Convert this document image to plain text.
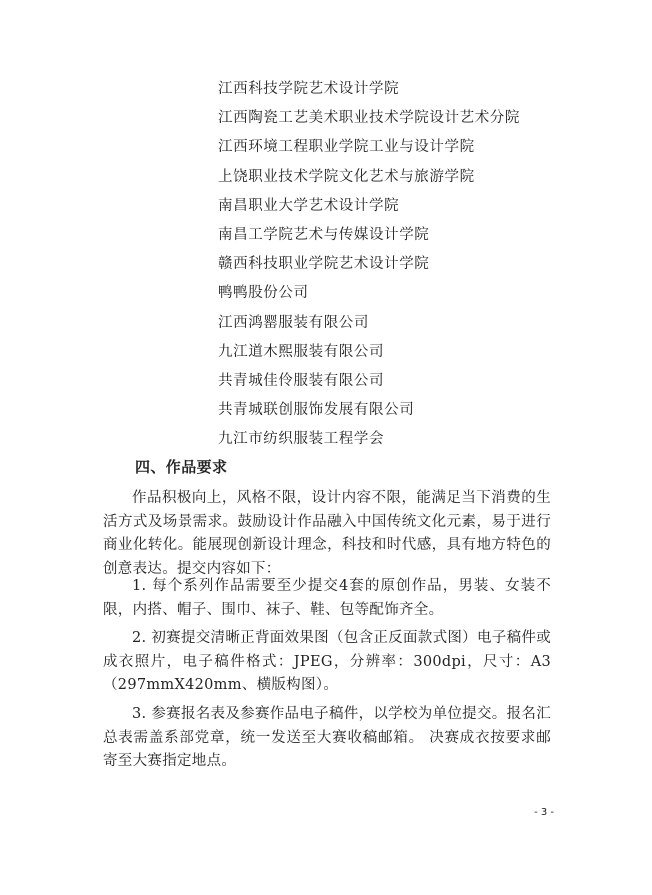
江西科技学院艺术设计学院
江西陶瓷工艺美术职业技术学院设计艺术分院
江西环境工程职业学院工业与设计学院
上饶职业技术学院文化艺术与旅游学院
南昌职业大学艺术设计学院
南昌工学院艺术与传媒设计学院
赣西科技职业学院艺术设计学院
鸭鸭股份公司
江西鸿罂服装有限公司
九江道木熙服装有限公司
共青城佳伶服装有限公司
共青城联创服饰发展有限公司
九江市纺织服装工程学会
四、作品要求

作品积极向上，风格不限，设计内容不限，能满足当下消费的生活方式及场景需求。鼓励设计作品融入中国传统文化元素，易于进行商业化转化。能展现创新设计理念，科技和时代感，具有地方特色的创意表达。提交内容如下：

1. 每个系列作品需要至少提交4套的原创作品，男装、女装不限，内搭、帽子、围巾、袜子、鞋、包等配饰齐全。

2. 初赛提交清晰正背面效果图（包含正反面款式图）电子稿件或成衣照片，电子稿件格式：JPEG，分辨率：300dpi，尺寸：A3（297mmX420mm、横版构图）。

3. 参赛报名表及参赛作品电子稿件，以学校为单位提交。报名汇总表需盖系部党章，统一发送至大赛收稿邮箱。 决赛成衣按要求邮寄至大赛指定地点。

- 3 -
